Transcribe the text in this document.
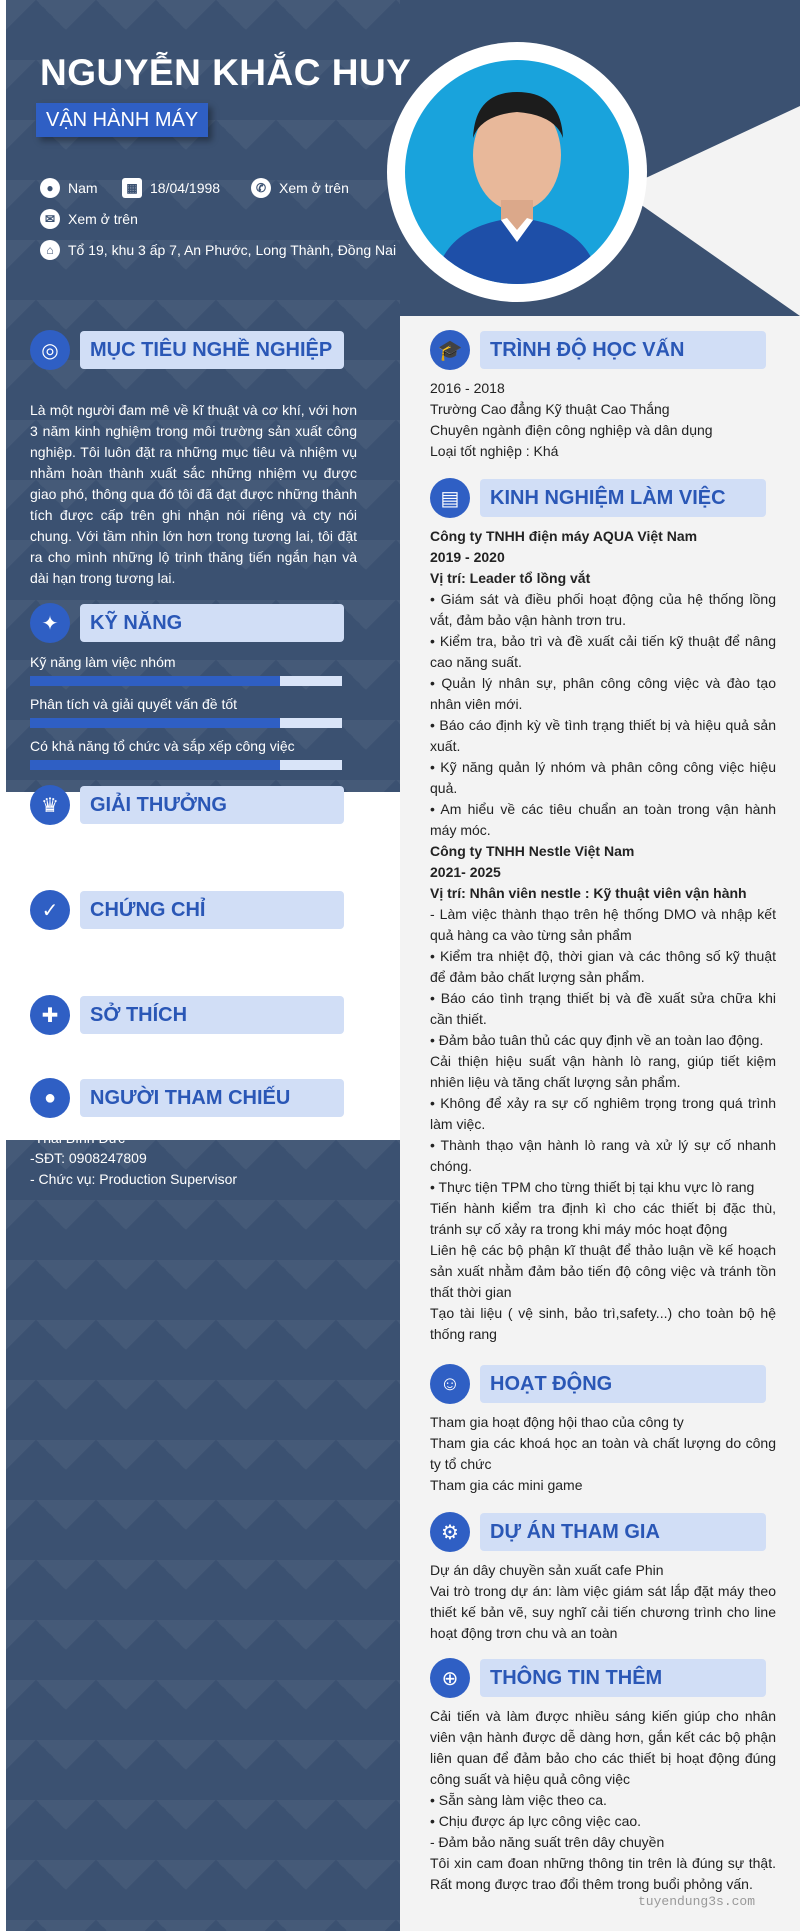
NGUYỄN KHẮC HUY
VẬN HÀNH MÁY
●	Nam	▦ 18/04/1998	✆ Xem ở trên
✉ Xem ở trên
⌂	Tổ 19, khu 3 ấp 7, An Phước, Long Thành, Đồng Nai
◎	MỤC TIÊU NGHỀ NGHIỆP
Là một người đam mê về kĩ thuật và cơ khí, với hơn 3 năm kinh nghiệm trong môi trường sản xuất công nghiệp. Tôi luôn đặt ra những mục tiêu và nhiệm vụ nhằm hoàn thành xuất sắc những nhiệm vụ được giao phó, thông qua đó tôi đã đạt được những thành tích được cấp trên ghi nhận nói riêng và cty nói chung. Với tầm nhìn lớn hơn trong tương lai, tôi đặt ra cho mình những lộ trình thăng tiến ngắn hạn và dài hạn trong tương lai.
✦	KỸ NĂNG
Kỹ năng làm việc nhóm
Phân tích và giải quyết vấn đề tốt
Có khả năng tổ chức và sắp xếp công việc
♛	GIẢI THƯỞNG
✓	CHỨNG CHỈ
✚	SỞ THÍCH
●	NGƯỜI THAM CHIẾU
-Thái Bình Đức
-SĐT: 0908247809
- Chức vụ: Production Supervisor
🎓	TRÌNH ĐỘ HỌC VẤN

2016 - 2018

Trường Cao đẳng Kỹ thuật Cao Thắng

Chuyên ngành điện công nghiệp và dân dụng

Loại tốt nghiệp : Khá

▤	KINH NGHIỆM LÀM VIỆC

Công ty TNHH điện máy AQUA Việt Nam

2019 - 2020

Vị trí: Leader tổ lồng vắt

• Giám sát và điều phối hoạt động của hệ thống lồng vắt, đảm bảo vận hành trơn tru.

• Kiểm tra, bảo trì và đề xuất cải tiến kỹ thuật để nâng cao năng suất.

• Quản lý nhân sự, phân công công việc và đào tạo nhân viên mới.

• Báo cáo định kỳ về tình trạng thiết bị và hiệu quả sản xuất.

• Kỹ năng quản lý nhóm và phân công công việc hiệu quả.

• Am hiểu về các tiêu chuẩn an toàn trong vận hành máy móc.

Công ty TNHH Nestle Việt Nam

2021- 2025

Vị trí: Nhân viên nestle : Kỹ thuật viên vận hành

- Làm việc thành thạo trên hệ thống DMO và nhập kết quả hàng ca vào từng sản phẩm

• Kiểm tra nhiệt độ, thời gian và các thông số kỹ thuật để đảm bảo chất lượng sản phẩm.

• Báo cáo tình trạng thiết bị và đề xuất sửa chữa khi cần thiết.

• Đảm bảo tuân thủ các quy định về an toàn lao động.

Cải thiện hiệu suất vận hành lò rang, giúp tiết kiệm nhiên liệu và tăng chất lượng sản phẩm.

• Không để xảy ra sự cố nghiêm trọng trong quá trình làm việc.

• Thành thạo vận hành lò rang và xử lý sự cố nhanh chóng.

• Thực tiện TPM cho từng thiết bị tại khu vực lò rang

Tiến hành kiểm tra định kì cho các thiết bị đặc thù, tránh sự cố xảy ra trong khi máy móc hoạt động

Liên hệ các bộ phận kĩ thuật để thảo luận về kế hoạch sản xuất nhằm đảm bảo tiến độ công việc và tránh tồn thất thời gian

Tạo tài liệu ( vệ sinh, bảo trì,safety...) cho toàn bộ hệ thống rang

☺	HOẠT ĐỘNG

Tham gia hoạt động hội thao của công ty

Tham gia các khoá học an toàn và chất lượng do công ty tổ chức

Tham gia các mini game

⚙	DỰ ÁN THAM GIA

Dự án dây chuyền sản xuất cafe Phin

Vai trò trong dự án: làm việc giám sát lắp đặt máy theo thiết kế bản vẽ, suy nghĩ cải tiến chương trình cho line hoạt động trơn chu và an toàn

⊕	THÔNG TIN THÊM

Cải tiến và làm được nhiều sáng kiến giúp cho nhân viên vận hành được dễ dàng hơn, gắn kết các bộ phận liên quan để đảm bảo cho các thiết bị hoạt động đúng công suất và hiệu quả công việc

• Sẵn sàng làm việc theo ca.

• Chịu được áp lực công việc cao.

- Đảm bảo năng suất trên dây chuyền

Tôi xin cam đoan những thông tin trên là đúng sự thật. Rất mong được trao đổi thêm trong buổi phỏng vấn.

tuyendung3s.com
